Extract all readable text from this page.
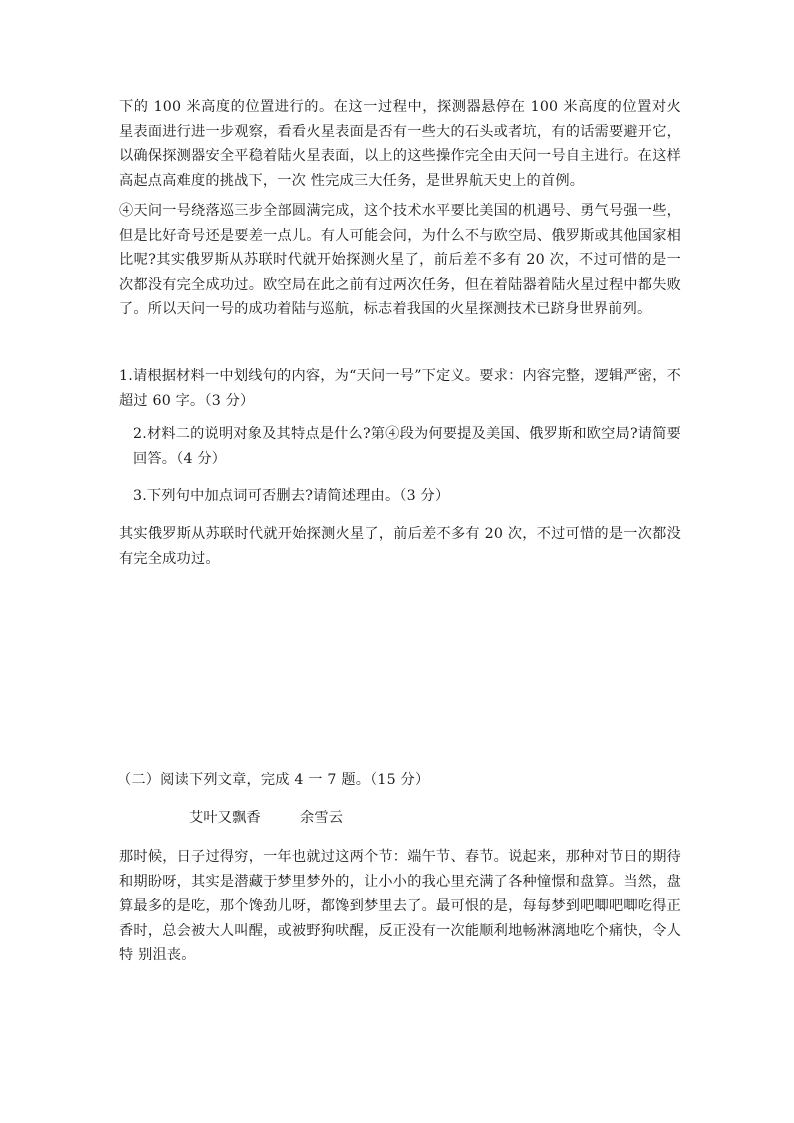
下的 100 米高度的位置进行的。在这一过程中，探测器悬停在 100 米高度的位置对火星表面进行进一步观察，看看火星表面是否有一些大的石头或者坑，有的话需要避开它，以确保探测器安全平稳着陆火星表面，以上的这些操作完全由天问一号自主进行。在这样高起点高难度的挑战下，一次 性完成三大任务，是世界航天史上的首例。

④天问一号绕落巡三步全部圆满完成，这个技术水平要比美国的机遇号、勇气号强一些，但是比好奇号还是要差一点儿。有人可能会问，为什么不与欧空局、俄罗斯或其他国家相比呢?其实俄罗斯从苏联时代就开始探测火星了，前后差不多有 20 次，不过可惜的是一次都没有完全成功过。欧空局在此之前有过两次任务，但在着陆器着陆火星过程中都失败了。所以天问一号的成功着陆与巡航，标志着我国的火星探测技术已跻身世界前列。

1.请根据材料一中划线句的内容，为“天问一号”下定义。要求：内容完整，逻辑严密，不超过 60 字。（3 分）

2.材料二的说明对象及其特点是什么?第④段为何要提及美国、俄罗斯和欧空局?请简要回答。（4 分）

3.下列句中加点词可否删去?请简述理由。（3 分）

其实俄罗斯从苏联时代就开始探测火星了，前后差不多有 20 次，不过可惜的是一次都没有完全成功过。

（二）阅读下列文章，完成 4 一 7 题。（15 分）

艾叶又飘香	余雪云

那时候，日子过得穷，一年也就过这两个节：端午节、春节。说起来，那种对节日的期待和期盼呀，其实是潜藏于梦里梦外的，让小小的我心里充满了各种憧憬和盘算。当然，盘算最多的是吃，那个馋劲儿呀，都馋到梦里去了。最可恨的是，每每梦到吧唧吧唧吃得正香时，总会被大人叫醒，或被野狗吠醒，反正没有一次能顺利地畅淋漓地吃个痛快，令人特 别沮丧。
